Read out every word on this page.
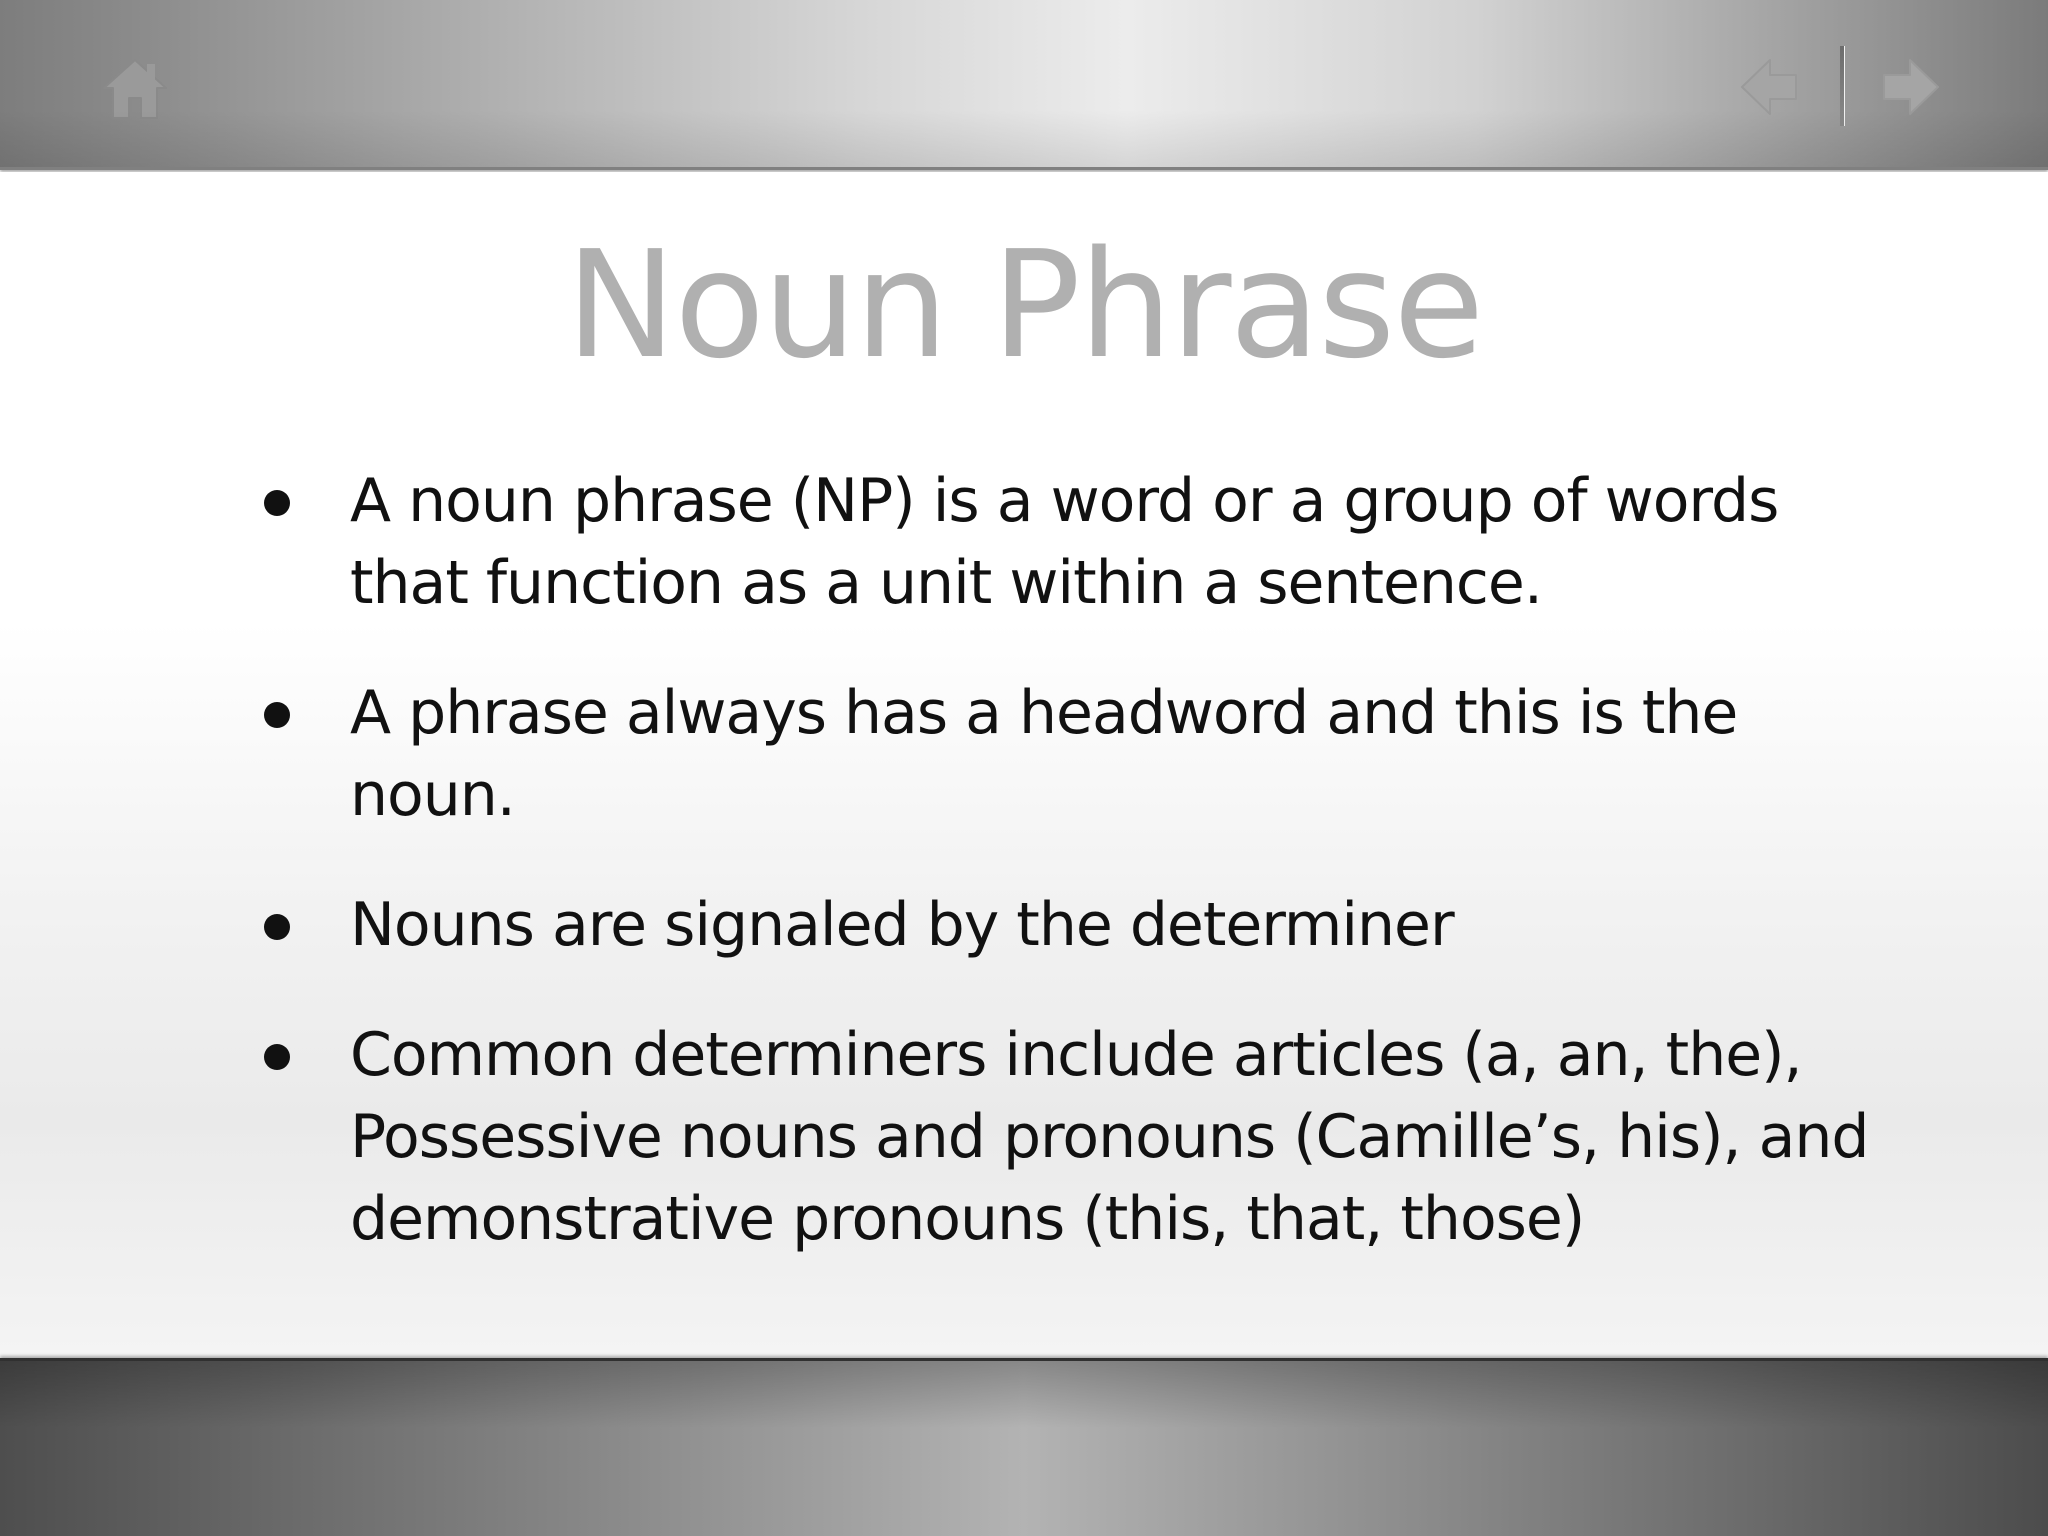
Noun Phrase
A noun phrase (NP) is a word or a group of words that function as a unit within a sentence.
A phrase always has a headword and this is the noun.
Nouns are signaled by the determiner
Common determiners include articles (a, an, the), Possessive nouns and pronouns (Camille’s, his), and demonstrative pronouns (this, that, those)
